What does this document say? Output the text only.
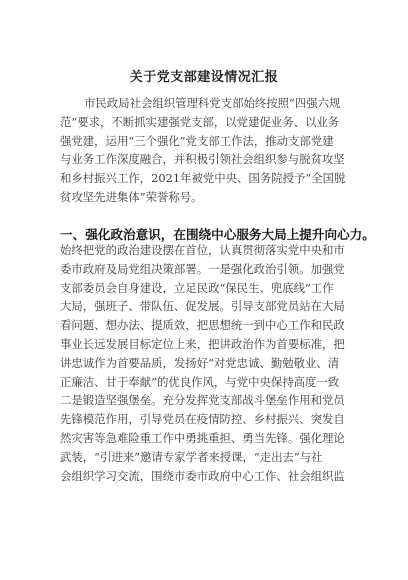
关于党支部建设情况汇报
市民政局社会组织管理科党支部始终按照“四强六规
范”要求，不断抓实建强党支部，以党建促业务、以业务
强党建，运用“三个强化”党支部工作法，推动支部党建
与业务工作深度融合，并积极引领社会组织参与脱贫攻坚
和乡村振兴工作，2021年被党中央、国务院授予“全国脱
贫攻坚先进集体”荣誉称号。
一、强化政治意识，在围绕中心服务大局上提升向心力。
始终把党的政治建设摆在首位，认真贯彻落实党中央和市
委市政府及局党组决策部署。一是强化政治引领。加强党
支部委员会自身建设，立足民政“保民生、兜底线”工作
大局，强班子、带队伍、促发展。引导支部党员站在大局
看问题、想办法、提质效，把思想统一到中心工作和民政
事业长远发展目标定位上来，把讲政治作为首要标准，把
讲忠诚作为首要品质，发扬好“对党忠诚、勤勉敬业、清
正廉洁、甘于奉献”的优良作风，与党中央保持高度一致
二是锻造坚强堡垒。充分发挥党支部战斗堡垒作用和党员
先锋模范作用，引导党员在疫情防控、乡村振兴、突发自
然灾害等急难险重工作中勇挑重担、勇当先锋。强化理论
武装，“引进来”邀请专家学者来授课，“走出去”与社
会组织学习交流，围绕市委市政府中心工作、社会组织监
